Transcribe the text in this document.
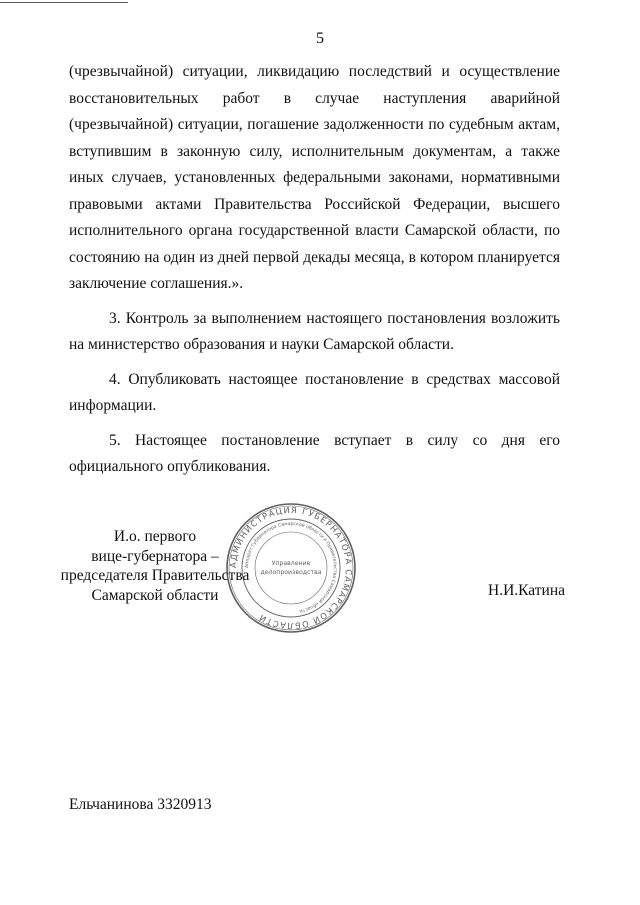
5

(чрезвычайной) ситуации, ликвидацию последствий и осуществление восстановительных работ в случае наступления аварийной (чрезвычайной) ситуации, погашение задолженности по судебным актам, вступившим в законную силу, исполнительным документам, а также иных случаев, установленных федеральными законами, нормативными правовыми актами Правительства Российской Федерации, высшего исполнительного органа государственной власти Самарской области, по состоянию на один из дней первой декады месяца, в котором планируется заключение соглашения.».

3. Контроль за выполнением настоящего постановления возложить на министерство образования и науки Самарской области.

4. Опубликовать настоящее постановление в средствах массовой информации.

5. Настоящее постановление вступает в силу со дня его официального опубликования.

И.о. первого
вице-губернатора –
председателя Правительства
Самарской области
АДМИНИСТРАЦИЯ ГУБЕРНАТОРА САМАРСКОЙ ОБЛАСТИ
Аппарат Губернатора Самарской области и Правительства Самарской области
Управление
делопроизводства
Н.И.Катина
Ельчанинова 3320913
